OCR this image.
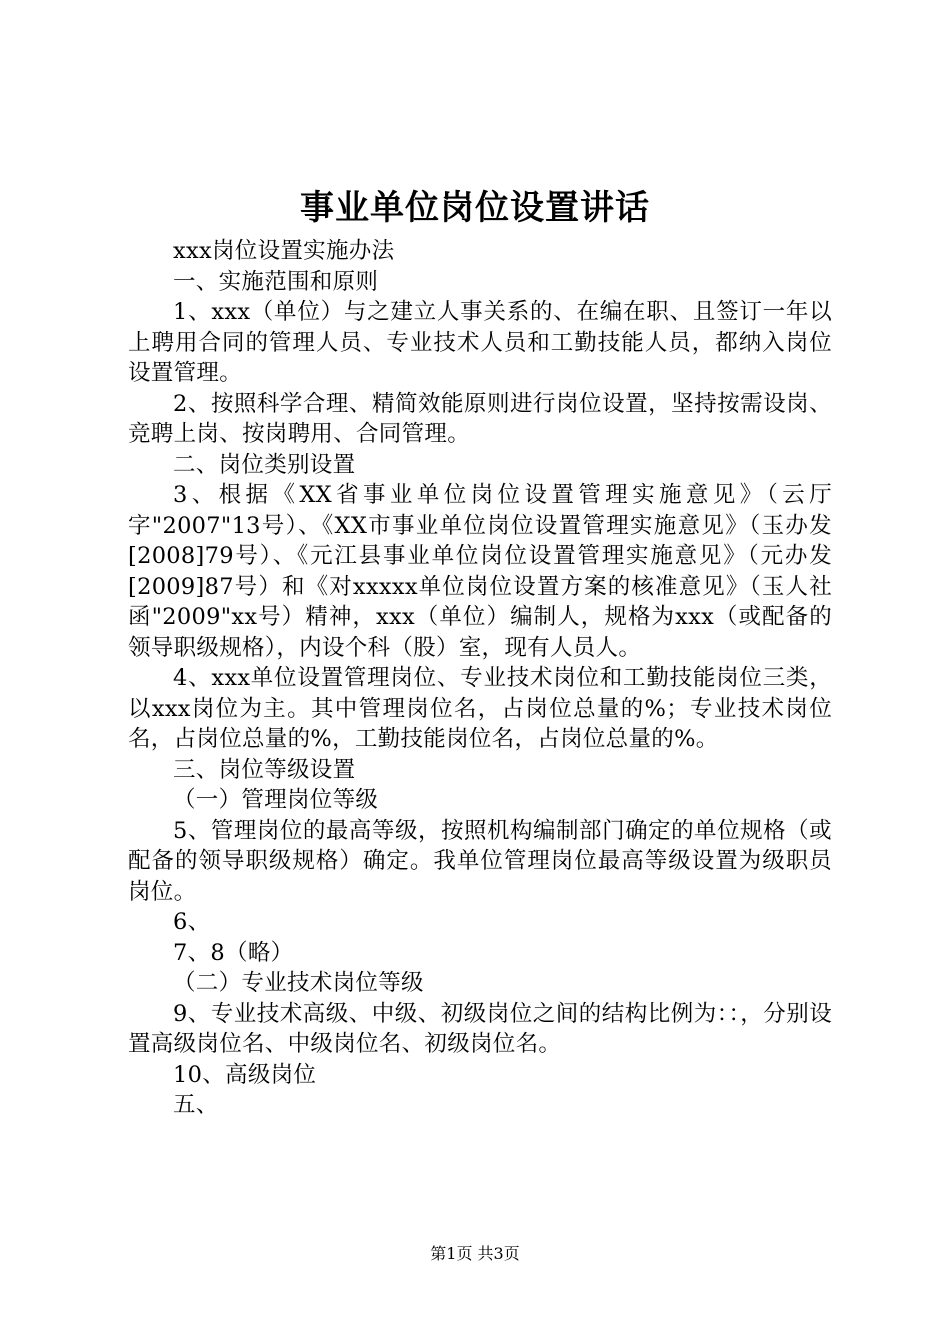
事业单位岗位设置讲话

xxx岗位设置实施办法

一、实施范围和原则

1、xxx（单位）与之建立人事关系的、在编在职、且签订一年以上聘用合同的管理人员、专业技术人员和工勤技能人员，都纳入岗位设置管理。

2、按照科学合理、精简效能原则进行岗位设置，坚持按需设岗、竞聘上岗、按岗聘用、合同管理。

二、岗位类别设置

3、根据《XX省事业单位岗位设置管理实施意见》（云厅字"2007"13号）、《XX市事业单位岗位设置管理实施意见》（玉办发[2008]79号）、《元江县事业单位岗位设置管理实施意见》（元办发[2009]87号）和《对xxxxx单位岗位设置方案的核准意见》（玉人社函"2009"xx号）精神，xxx（单位）编制人，规格为xxx（或配备的领导职级规格），内设个科（股）室，现有人员人。

4、xxx单位设置管理岗位、专业技术岗位和工勤技能岗位三类，以xxx岗位为主。其中管理岗位名，占岗位总量的%；专业技术岗位名，占岗位总量的%，工勤技能岗位名，占岗位总量的%。

三、岗位等级设置

（一）管理岗位等级

5、管理岗位的最高等级，按照机构编制部门确定的单位规格（或配备的领导职级规格）确定。我单位管理岗位最高等级设置为级职员岗位。

6、

7、8（略）

（二）专业技术岗位等级

9、专业技术高级、中级、初级岗位之间的结构比例为：：，分别设置高级岗位名、中级岗位名、初级岗位名。

10、高级岗位

五、

第1页 共3页
